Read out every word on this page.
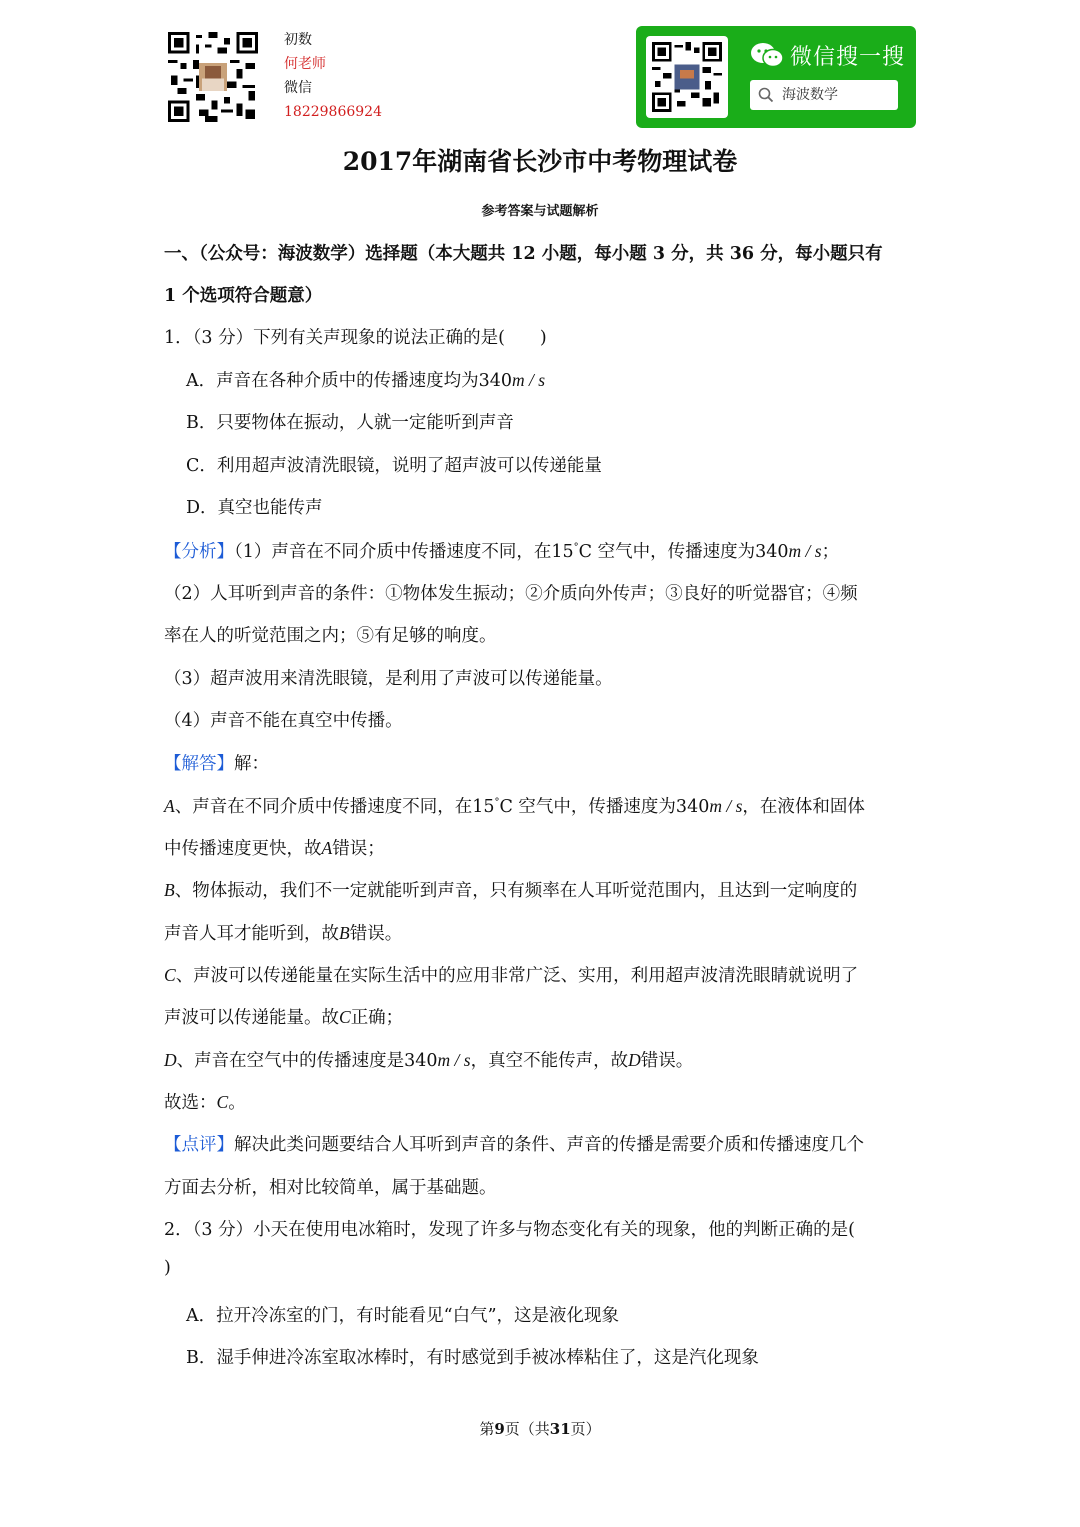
初数
何老师
微信
18229866924
微信搜一搜
海波数学
2017年湖南省长沙市中考物理试卷
参考答案与试题解析
一、（公众号：海波数学）选择题（本大题共 12 小题，每小题 3 分，共 36 分，每小题只有
1 个选项符合题意）
1．（3 分）下列有关声现象的说法正确的是(　　)
A．声音在各种介质中的传播速度均为340m / s
B．只要物体在振动，人就一定能听到声音
C．利用超声波清洗眼镜，说明了超声波可以传递能量
D．真空也能传声
【分析】（1）声音在不同介质中传播速度不同，在15°C 空气中，传播速度为340m / s；
（2）人耳听到声音的条件：①物体发生振动；②介质向外传声；③良好的听觉器官；④频
率在人的听觉范围之内；⑤有足够的响度。
（3）超声波用来清洗眼镜，是利用了声波可以传递能量。
（4）声音不能在真空中传播。
【解答】解：
A、声音在不同介质中传播速度不同，在15°C 空气中，传播速度为340m / s，在液体和固体
中传播速度更快，故A错误；
B、物体振动，我们不一定就能听到声音，只有频率在人耳听觉范围内，且达到一定响度的
声音人耳才能听到，故B错误。
C、声波可以传递能量在实际生活中的应用非常广泛、实用，利用超声波清洗眼睛就说明了
声波可以传递能量。故C正确；
D、声音在空气中的传播速度是340m / s，真空不能传声，故D错误。
故选：C。
【点评】解决此类问题要结合人耳听到声音的条件、声音的传播是需要介质和传播速度几个
方面去分析，相对比较简单，属于基础题。
2．（3 分）小天在使用电冰箱时，发现了许多与物态变化有关的现象，他的判断正确的是(
)
A．拉开冷冻室的门，有时能看见“白气”，这是液化现象
B．湿手伸进冷冻室取冰棒时，有时感觉到手被冰棒粘住了，这是汽化现象
第9页（共31页）
